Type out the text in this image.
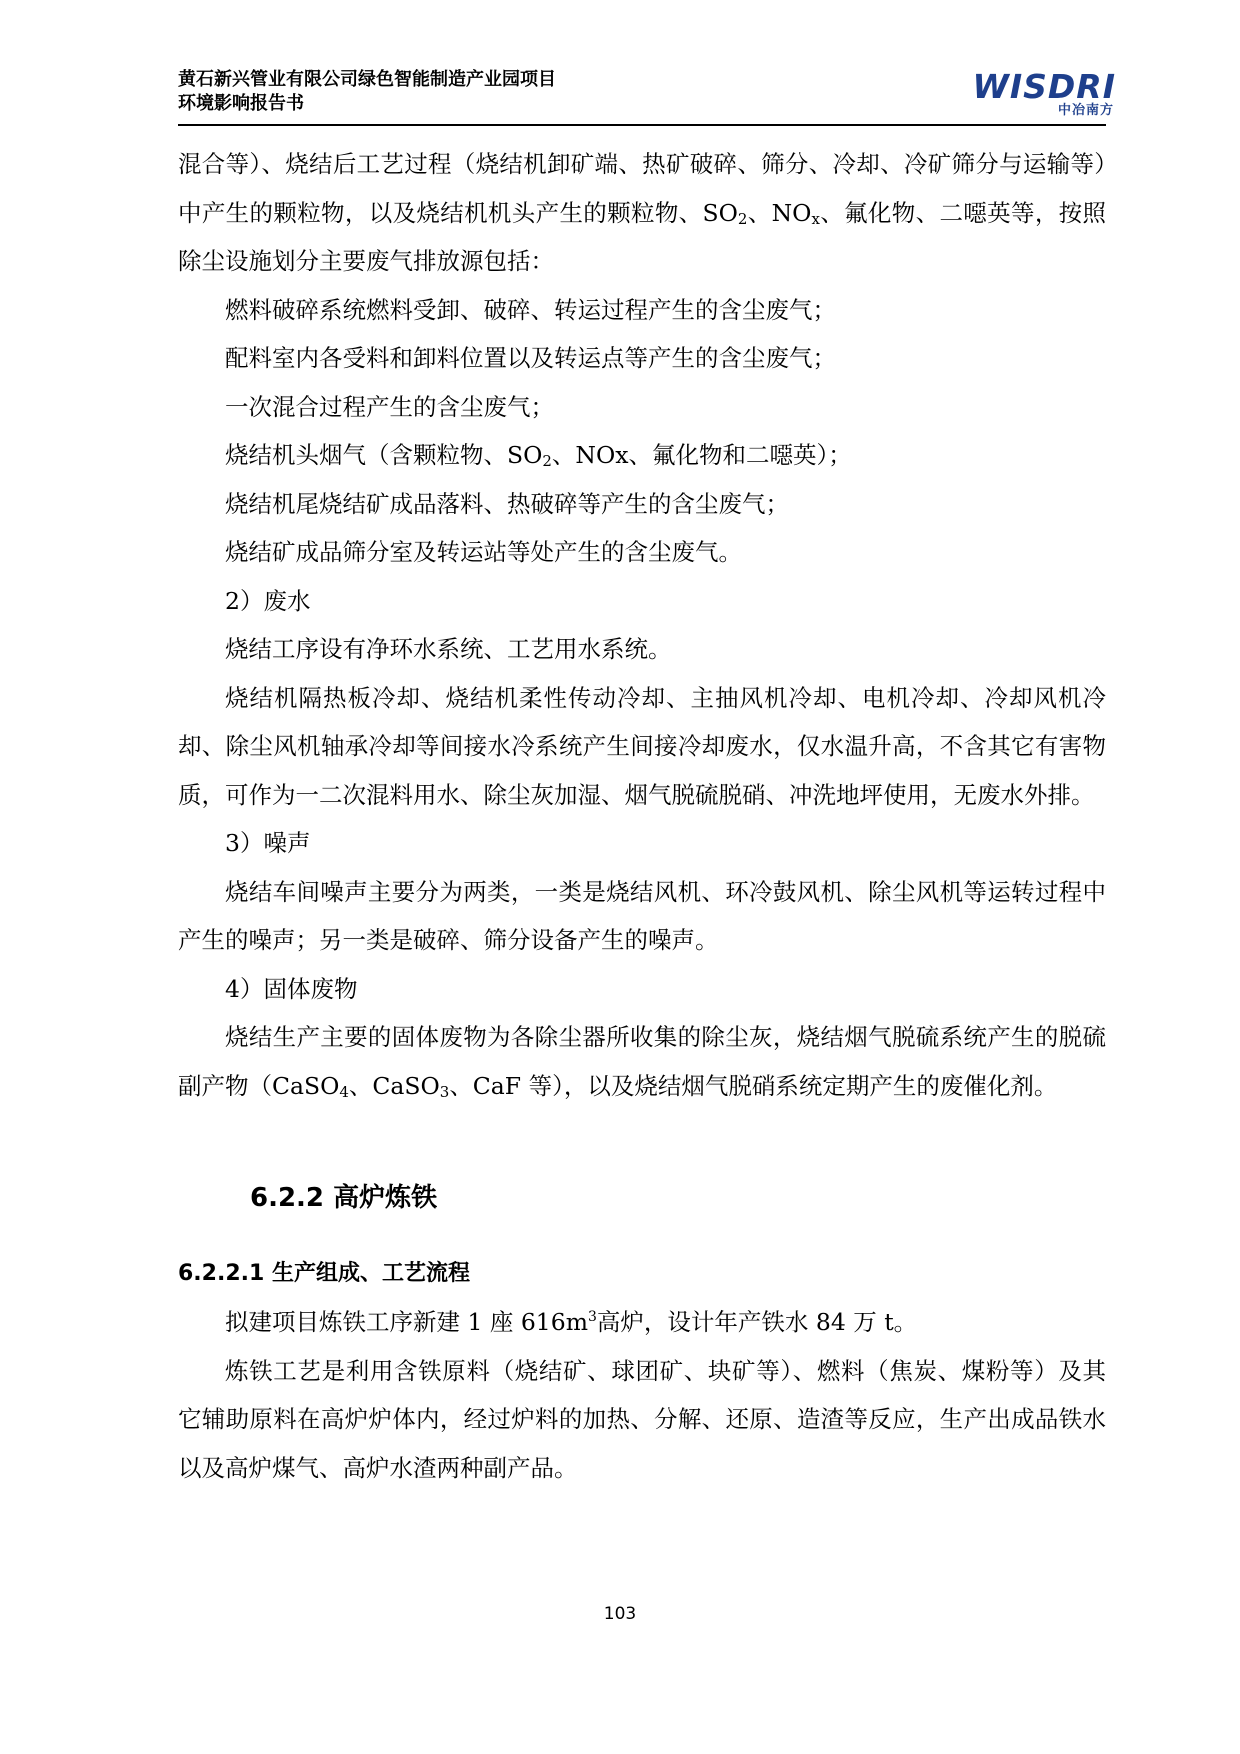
黄石新兴管业有限公司绿色智能制造产业园项目
环境影响报告书	WISDRI
中冶南方

混合等）、烧结后工艺过程（烧结机卸矿端、热矿破碎、筛分、冷却、冷矿筛分与运输等）中产生的颗粒物，以及烧结机机头产生的颗粒物、$SO_2$、$NO_x$、氟化物、二噁英等，按照除尘设施划分主要废气排放源包括：

燃料破碎系统燃料受卸、破碎、转运过程产生的含尘废气；

配料室内各受料和卸料位置以及转运点等产生的含尘废气；

一次混合过程产生的含尘废气；

烧结机头烟气（含颗粒物、$SO_2$、NOx、氟化物和二噁英）；

烧结机尾烧结矿成品落料、热破碎等产生的含尘废气；

烧结矿成品筛分室及转运站等处产生的含尘废气。

2）废水

烧结工序设有净环水系统、工艺用水系统。

烧结机隔热板冷却、烧结机柔性传动冷却、主抽风机冷却、电机冷却、冷却风机冷却、除尘风机轴承冷却等间接水冷系统产生间接冷却废水，仅水温升高，不含其它有害物质，可作为一二次混料用水、除尘灰加湿、烟气脱硫脱硝、冲洗地坪使用，无废水外排。

3）噪声

烧结车间噪声主要分为两类，一类是烧结风机、环冷鼓风机、除尘风机等运转过程中产生的噪声；另一类是破碎、筛分设备产生的噪声。

4）固体废物

烧结生产主要的固体废物为各除尘器所收集的除尘灰，烧结烟气脱硫系统产生的脱硫副产物（CaSO$_4$、CaSO$_3$、CaF 等），以及烧结烟气脱硝系统定期产生的废催化剂。

6.2.2 高炉炼铁
6.2.2.1 生产组成、工艺流程

拟建项目炼铁工序新建 1 座 $616m^3$高炉，设计年产铁水 84 万 t。

炼铁工艺是利用含铁原料（烧结矿、球团矿、块矿等）、燃料（焦炭、煤粉等）及其它辅助原料在高炉炉体内，经过炉料的加热、分解、还原、造渣等反应，生产出成品铁水以及高炉煤气、高炉水渣两种副产品。

103
